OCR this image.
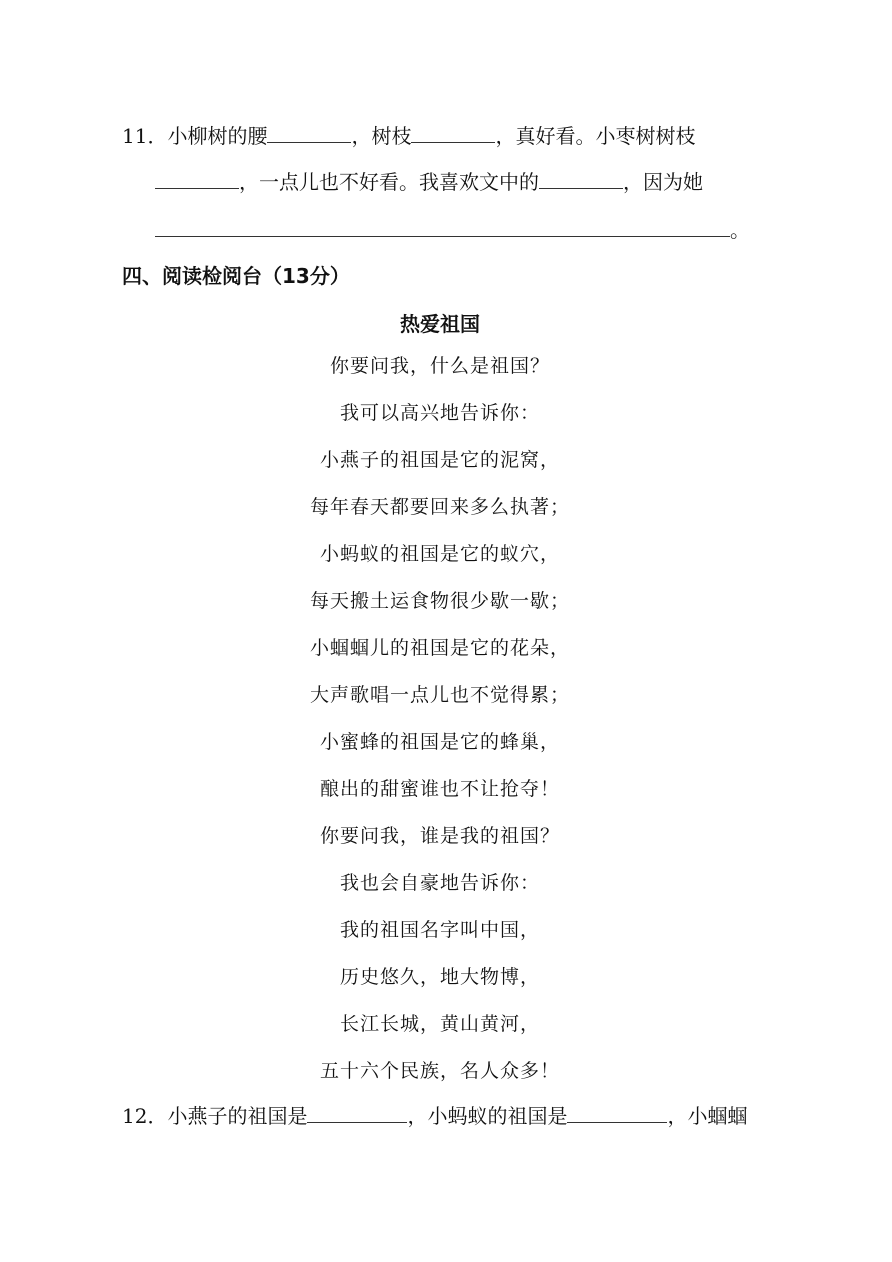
11．小柳树的腰	，树枝	，真好看。小枣树树枝
，一点儿也不好看。我喜欢文中的	，因为她
。
四、阅读检阅台（13分）
热爱祖国
你要问我，什么是祖国？
我可以高兴地告诉你：
小燕子的祖国是它的泥窝，
每年春天都要回来多么执著；
小蚂蚁的祖国是它的蚁穴，
每天搬土运食物很少歇一歇；
小蝈蝈儿的祖国是它的花朵，
大声歌唱一点儿也不觉得累；
小蜜蜂的祖国是它的蜂巢，
酿出的甜蜜谁也不让抢夺！
你要问我，谁是我的祖国？
我也会自豪地告诉你：
我的祖国名字叫中国，
历史悠久，地大物博，
长江长城，黄山黄河，
五十六个民族，名人众多！
12．小燕子的祖国是	，小蚂蚁的祖国是	，小蝈蝈
